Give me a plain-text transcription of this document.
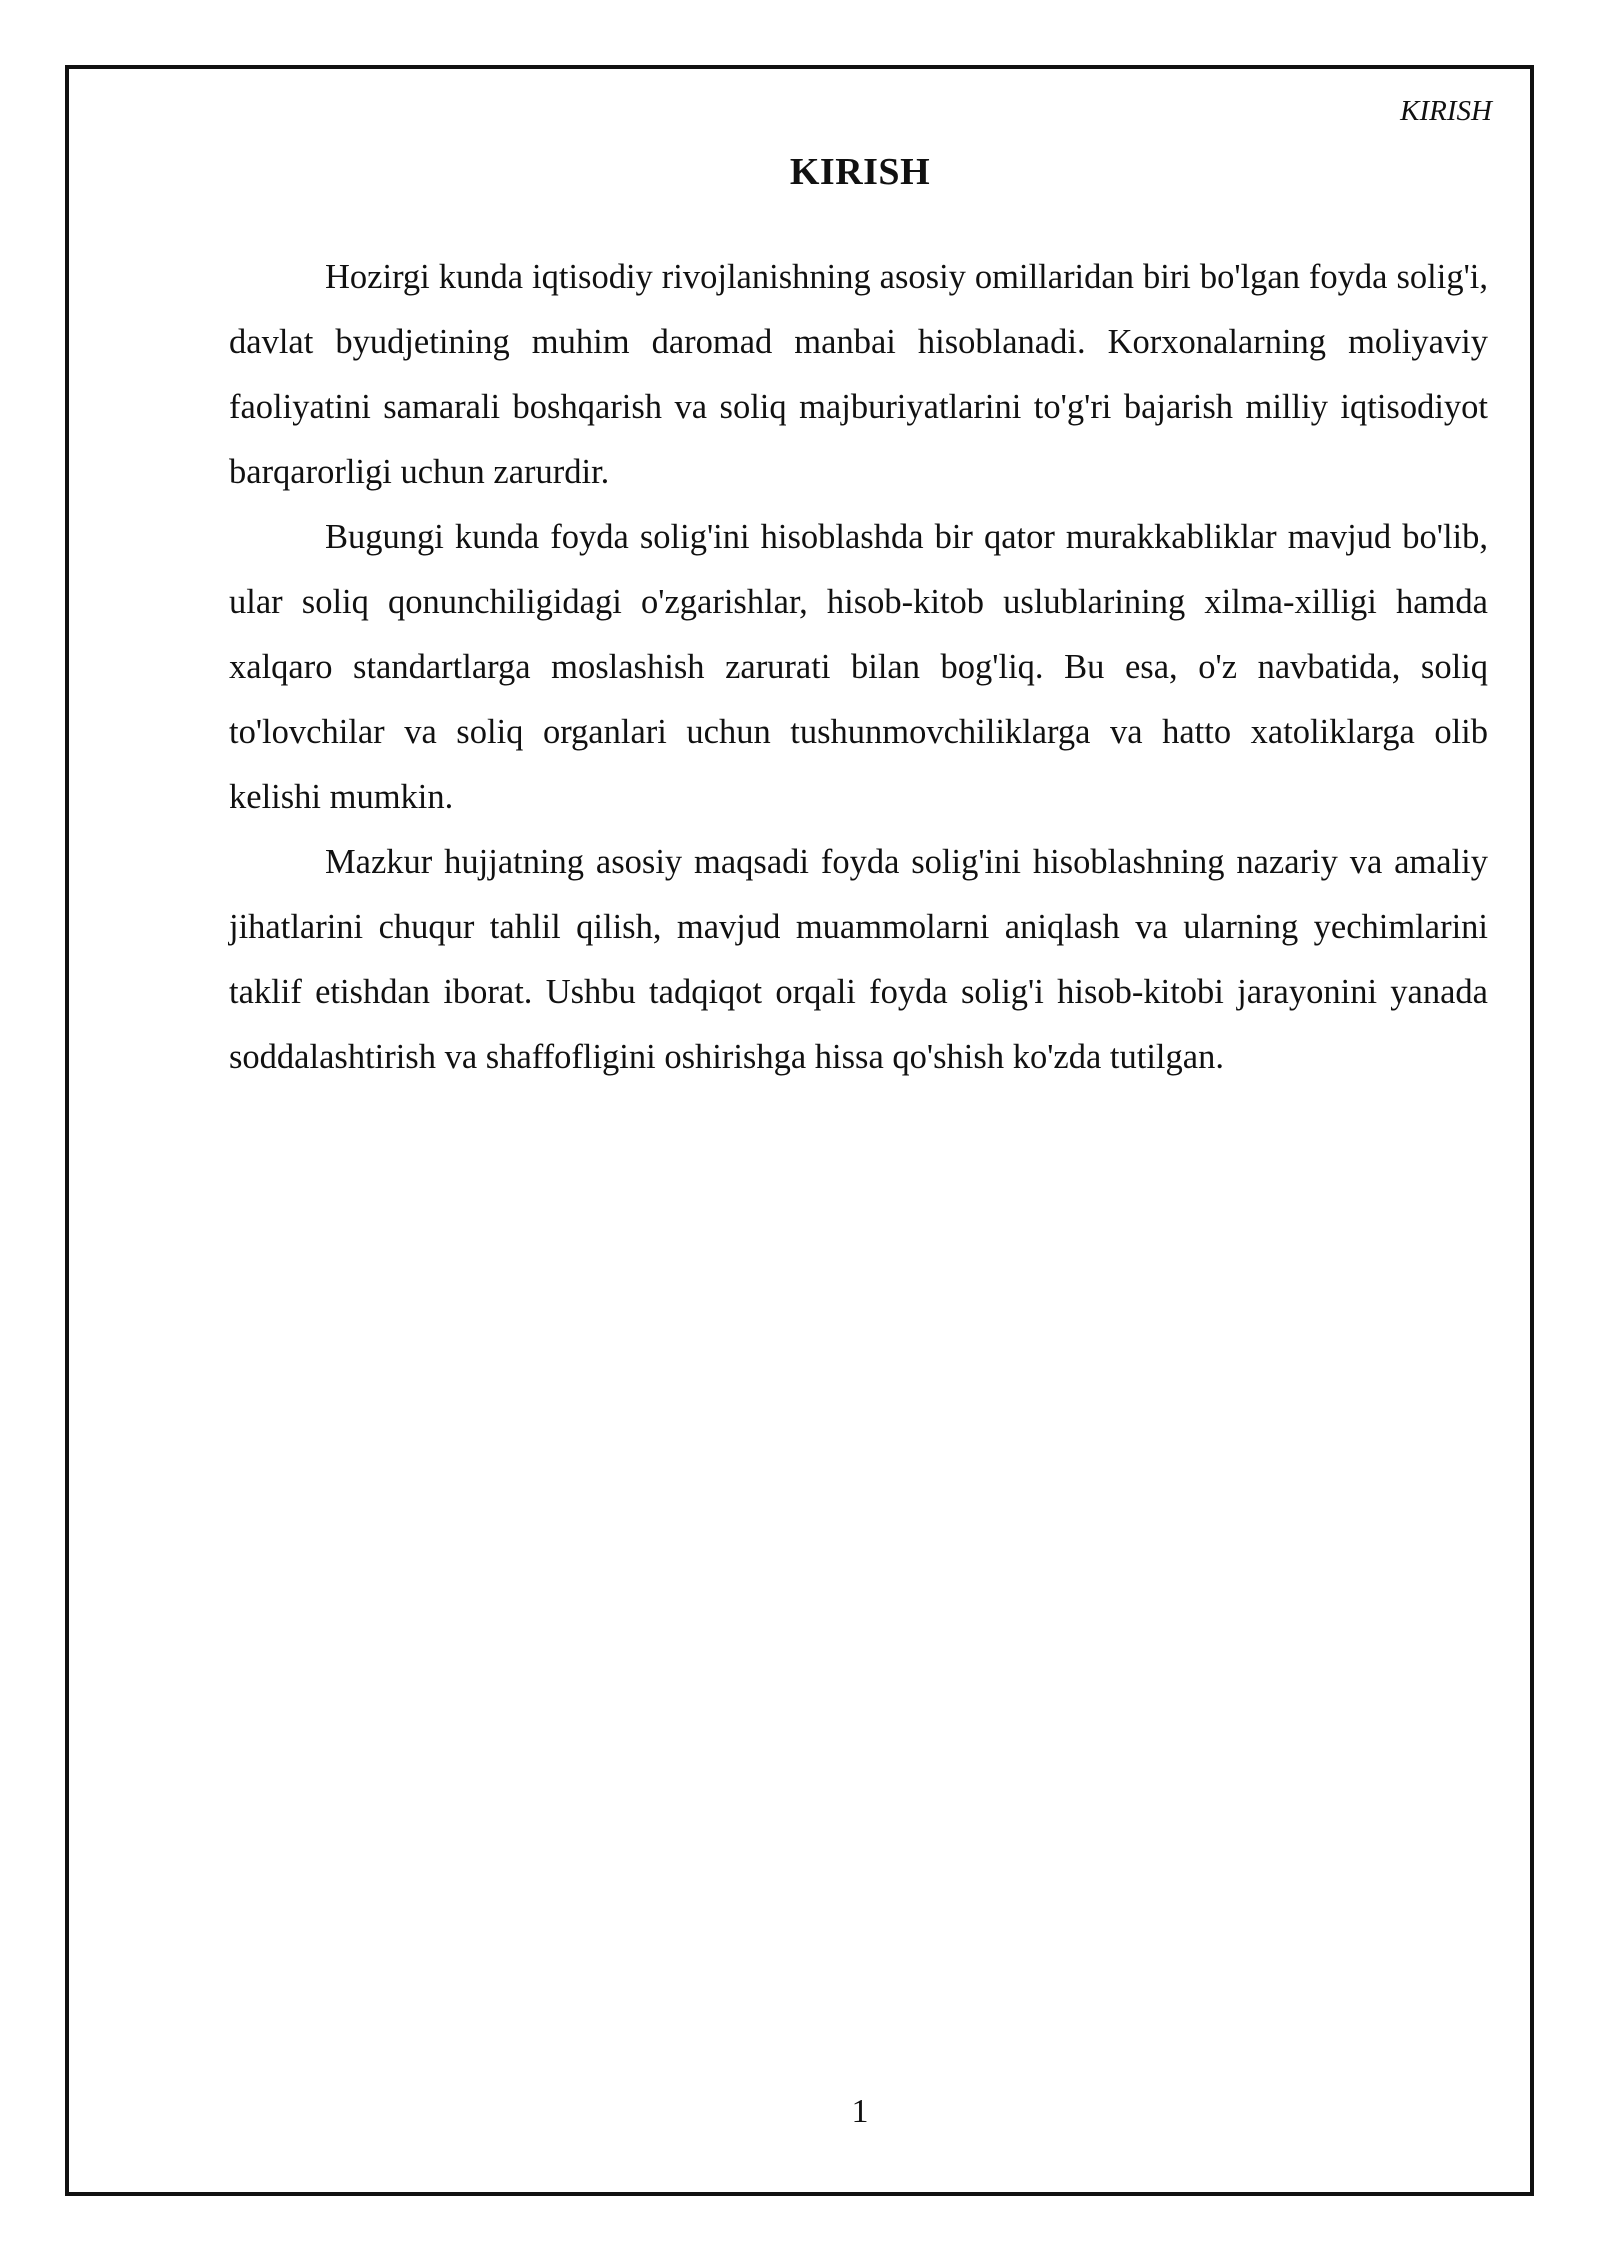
KIRISH

KIRISH

Hozirgi kunda iqtisodiy rivojlanishning asosiy omillaridan biri bo'lgan foyda solig'i, davlat byudjetining muhim daromad manbai hisoblanadi. Korxonalarning moliyaviy faoliyatini samarali boshqarish va soliq majburiyatlarini to'g'ri bajarish milliy iqtisodiyot barqarorligi uchun zarurdir.

Bugungi kunda foyda solig'ini hisoblashda bir qator murakkabliklar mavjud bo'lib, ular soliq qonunchiligidagi o'zgarishlar, hisob-kitob uslublarining xilma-xilligi hamda xalqaro standartlarga moslashish zarurati bilan bog'liq. Bu esa, o'z navbatida, soliq to'lovchilar va soliq organlari uchun tushunmovchiliklarga va hatto xatoliklarga olib kelishi mumkin.

Mazkur hujjatning asosiy maqsadi foyda solig'ini hisoblashning nazariy va amaliy jihatlarini chuqur tahlil qilish, mavjud muammolarni aniqlash va ularning yechimlarini taklif etishdan iborat. Ushbu tadqiqot orqali foyda solig'i hisob-kitobi jarayonini yanada soddalashtirish va shaffofligini oshirishga hissa qo'shish ko'zda tutilgan.

1
